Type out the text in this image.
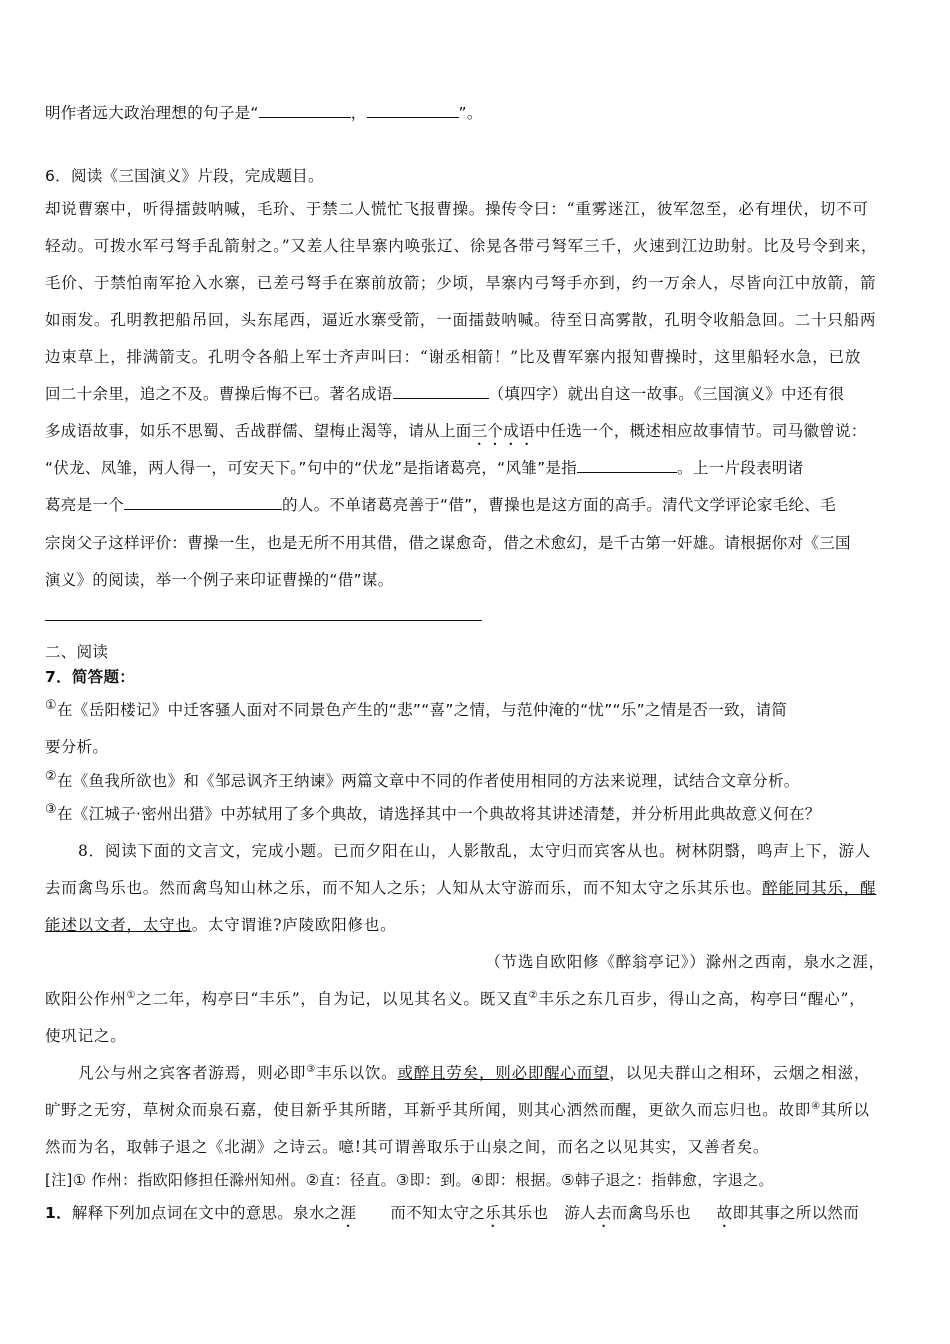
明作者远大政治理想的句子是“	，	”。
6．阅读《三国演义》片段，完成题目。
却说曹寨中，听得擂鼓呐喊，毛玠、于禁二人慌忙飞报曹操。操传令曰：“重雾迷江，彼军忽至，必有埋伏，切不可
轻动。可拨水军弓弩手乱箭射之。”又差人往旱寨内唤张辽、徐晃各带弓弩军三千，火速到江边助射。比及号令到来，
毛价、于禁怕南军抢入水寨，已差弓弩手在寨前放箭；少顷，旱寨内弓弩手亦到，约一万余人，尽皆向江中放箭，箭
如雨发。孔明教把船吊回，头东尾西，逼近水寨受箭，一面擂鼓呐喊。待至日高雾散，孔明令收船急回。二十只船两
边束草上，排满箭支。孔明令各船上军士齐声叫曰：“谢丞相箭！”比及曹军寨内报知曹操时，这里船轻水急，已放
回二十余里，追之不及。曹操后悔不已。著名成语	（填四字）就出自这一故事。《三国演义》中还有很
多成语故事，如乐不思蜀、舌战群儒、望梅止渴等，请从上面三个成语中任选一个，概述相应故事情节。司马徽曾说：
“伏龙、凤雏，两人得一，可安天下。”句中的“伏龙”是指诸葛亮，“风雏”是指	。上一片段表明诸
葛亮是一个	的人。不单诸葛亮善于“借”，曹操也是这方面的高手。清代文学评论家毛纶、毛
宗岗父子这样评价：曹操一生，也是无所不用其借，借之谋愈奇，借之术愈幻，是千古第一奸雄。请根据你对《三国
演义》的阅读，举一个例子来印证曹操的“借”谋。
二、阅读
7．简答题：
①在《岳阳楼记》中迁客骚人面对不同景色产生的“悲”“喜”之情，与范仲淹的“忧”“乐”之情是否一致，请简
要分析。
②在《鱼我所欲也》和《邹忌讽齐王纳谏》两篇文章中不同的作者使用相同的方法来说理，试结合文章分析。
③在《江城子·密州出猎》中苏轼用了多个典故，请选择其中一个典故将其讲述清楚，并分析用此典故意义何在？
8．阅读下面的文言文，完成小题。已而夕阳在山，人影散乱，太守归而宾客从也。树林阴翳，鸣声上下，游人
去而禽鸟乐也。然而禽鸟知山林之乐，而不知人之乐；人知从太守游而乐，而不知太守之乐其乐也。醉能同其乐，醒
能述以文者，太守也。太守谓谁?庐陵欧阳修也。
（节选自欧阳修《醉翁亭记》）滁州之西南，泉水之涯，
欧阳公作州①之二年，构亭曰“丰乐”，自为记，以见其名义。既又直②丰乐之东几百步，得山之高，构亭曰“醒心”，
使巩记之。
凡公与州之宾客者游焉，则必即③丰乐以饮。或醉且劳矣，则必即醒心而望，以见夫群山之相环，云烟之相滋，
旷野之无穷，草树众而泉石嘉，使目新乎其所睹，耳新乎其所闻，则其心洒然而醒，更欲久而忘归也。故即④其所以
然而为名，取韩子退之《北湖》之诗云。噫!其可谓善取乐于山泉之间，而名之以见其实，又善者矣。
[注]① 作州：指欧阳修担任滁州知州。②直：径直。③即：到。④即：根据。⑤韩子退之：指韩愈，字退之。
1．解释下列加点词在文中的意思。泉水之涯 而不知太守之乐其乐也 游人去而禽鸟乐也 故即其事之所以然而
